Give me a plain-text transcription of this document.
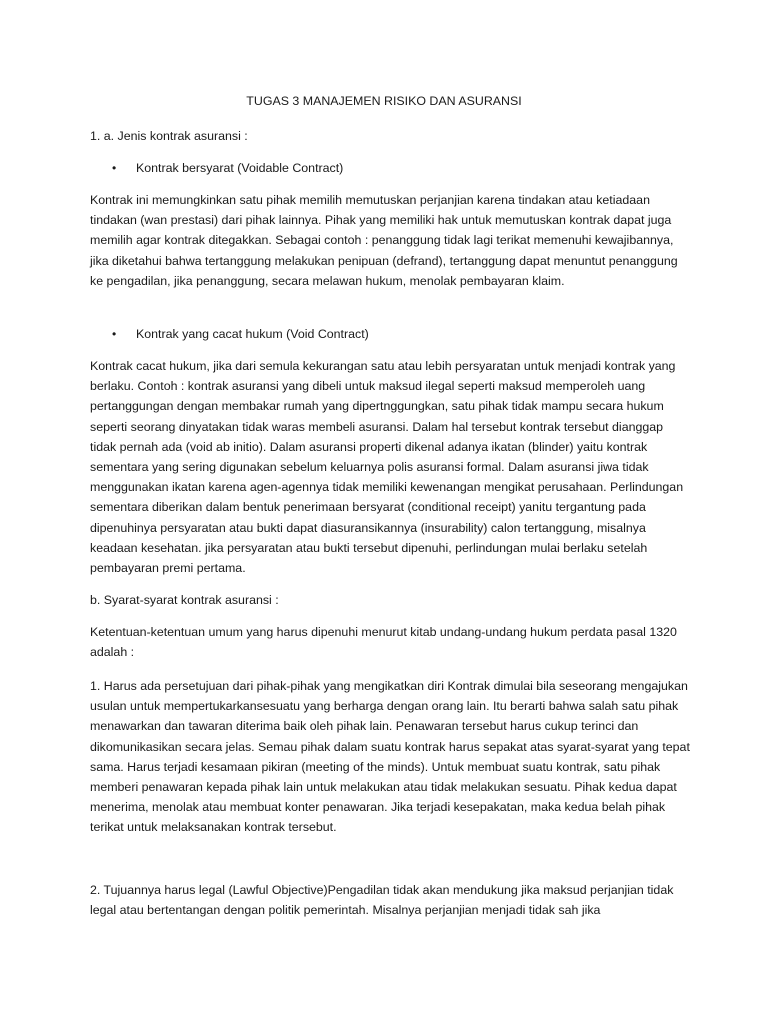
TUGAS 3 MANAJEMEN RISIKO DAN ASURANSI

1. a. Jenis kontrak asuransi :

• Kontrak bersyarat (Voidable Contract)

Kontrak ini memungkinkan satu pihak memilih memutuskan perjanjian karena tindakan atau ketiadaan tindakan (wan prestasi) dari pihak lainnya. Pihak yang memiliki hak untuk memutuskan kontrak dapat juga memilih agar kontrak ditegakkan. Sebagai contoh : penanggung tidak lagi terikat memenuhi kewajibannya, jika diketahui bahwa tertanggung melakukan penipuan (defrand), tertanggung dapat menuntut penanggung ke pengadilan, jika penanggung, secara melawan hukum, menolak pembayaran klaim.

• Kontrak yang cacat hukum (Void Contract)

Kontrak cacat hukum, jika dari semula kekurangan satu atau lebih persyaratan untuk menjadi kontrak yang berlaku. Contoh : kontrak asuransi yang dibeli untuk maksud ilegal seperti maksud memperoleh uang pertanggungan dengan membakar rumah yang dipertnggungkan, satu pihak tidak mampu secara hukum seperti seorang dinyatakan tidak waras membeli asuransi. Dalam hal tersebut kontrak tersebut dianggap tidak pernah ada (void ab initio). Dalam asuransi properti dikenal adanya ikatan (blinder) yaitu kontrak sementara yang sering digunakan sebelum keluarnya polis asuransi formal. Dalam asuransi jiwa tidak menggunakan ikatan karena agen-agennya tidak memiliki kewenangan mengikat perusahaan. Perlindungan sementara diberikan dalam bentuk penerimaan bersyarat (conditional receipt) yanitu tergantung pada dipenuhinya persyaratan atau bukti dapat diasuransikannya (insurability) calon tertanggung, misalnya keadaan kesehatan. jika persyaratan atau bukti tersebut dipenuhi, perlindungan mulai berlaku setelah pembayaran premi pertama.

b. Syarat-syarat kontrak asuransi :

Ketentuan-ketentuan umum yang harus dipenuhi menurut kitab undang-undang hukum perdata pasal 1320 adalah :

1. Harus ada persetujuan dari pihak-pihak yang mengikatkan diri Kontrak dimulai bila seseorang mengajukan usulan untuk mempertukarkansesuatu yang berharga dengan orang lain. Itu berarti bahwa salah satu pihak menawarkan dan tawaran diterima baik oleh pihak lain. Penawaran tersebut harus cukup terinci dan dikomunikasikan secara jelas. Semau pihak dalam suatu kontrak harus sepakat atas syarat-syarat yang tepat sama. Harus terjadi kesamaan pikiran (meeting of the minds). Untuk membuat suatu kontrak, satu pihak memberi penawaran kepada pihak lain untuk melakukan atau tidak melakukan sesuatu. Pihak kedua dapat menerima, menolak atau membuat konter penawaran. Jika terjadi kesepakatan, maka kedua belah pihak terikat untuk melaksanakan kontrak tersebut.

2. Tujuannya harus legal (Lawful Objective)Pengadilan tidak akan mendukung jika maksud perjanjian tidak legal atau bertentangan dengan politik pemerintah. Misalnya perjanjian menjadi tidak sah jika
